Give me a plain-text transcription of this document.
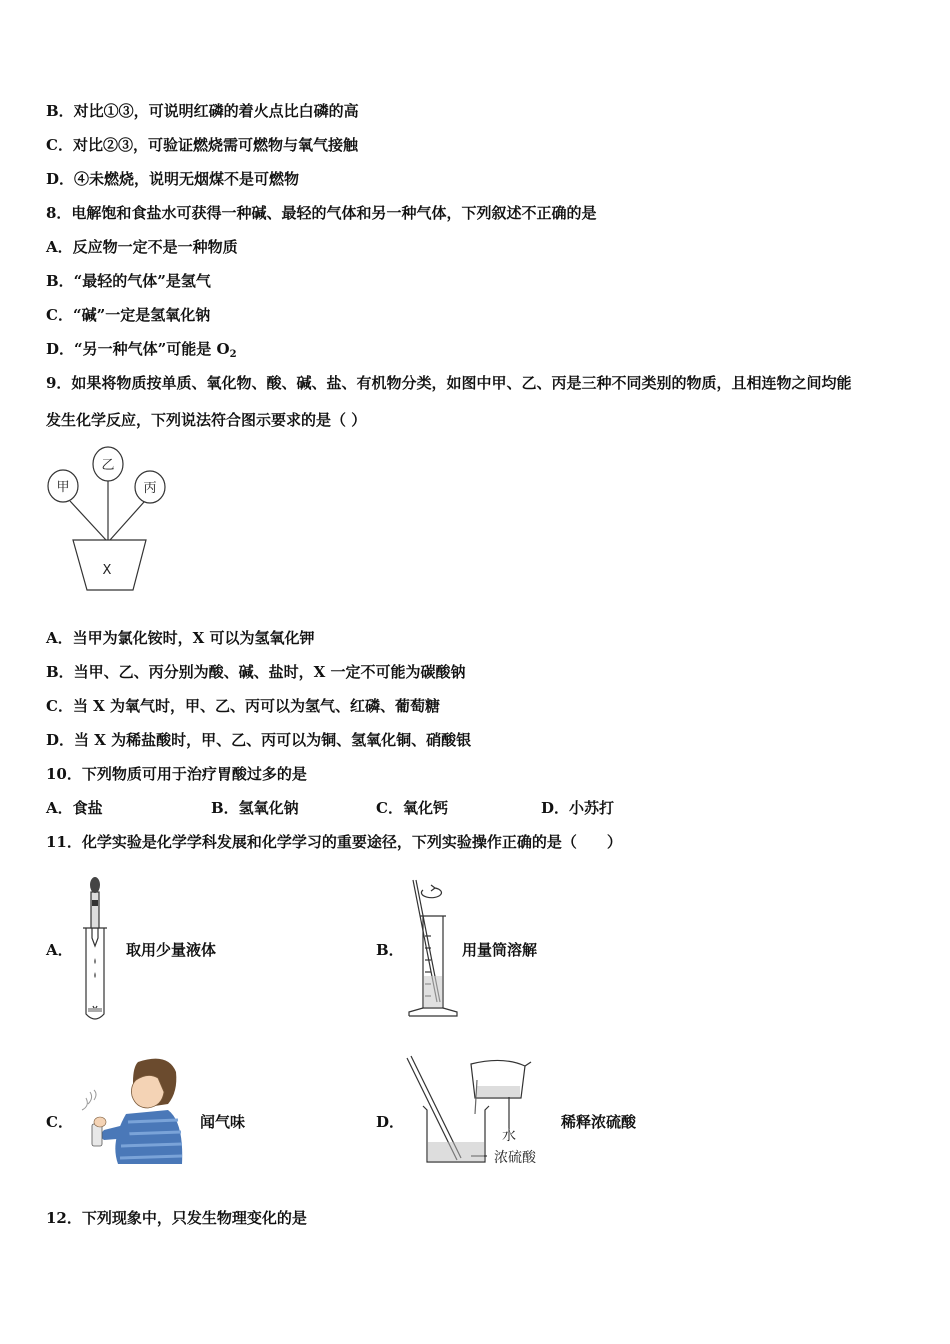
B．对比①③，可说明红磷的着火点比白磷的高
C．对比②③，可验证燃烧需可燃物与氧气接触
D．④未燃烧，说明无烟煤不是可燃物
8．电解饱和食盐水可获得一种碱、最轻的气体和另一种气体，下列叙述不正确的是
A．反应物一定不是一种物质
B．“最轻的气体”是氢气
C．“碱”一定是氢氧化钠
D．“另一种气体”可能是 $O_2$
9．如果将物质按单质、氧化物、酸、碱、盐、有机物分类，如图中甲、乙、丙是三种不同类别的物质，且相连物之间均能
发生化学反应，下列说法符合图示要求的是（ ）
甲
乙
丙
X
A．当甲为氯化铵时，X 可以为氢氧化钾
B．当甲、乙、丙分别为酸、碱、盐时，X 一定不可能为碳酸钠
C．当 X 为氧气时，甲、乙、丙可以为氢气、红磷、葡萄糖
D．当 X 为稀盐酸时，甲、乙、丙可以为铜、氢氧化铜、硝酸银
10．下列物质可用于治疗胃酸过多的是
A．食盐	B．氢氧化钠	C．氧化钙	D．小苏打
11．化学实验是化学学科发展和化学学习的重要途径，下列实验操作正确的是（　　）
A．	取用少量液体	B．	用量筒溶解
C．	闻气味	D．
水
浓硫酸
稀释浓硫酸
12．下列现象中，只发生物理变化的是
